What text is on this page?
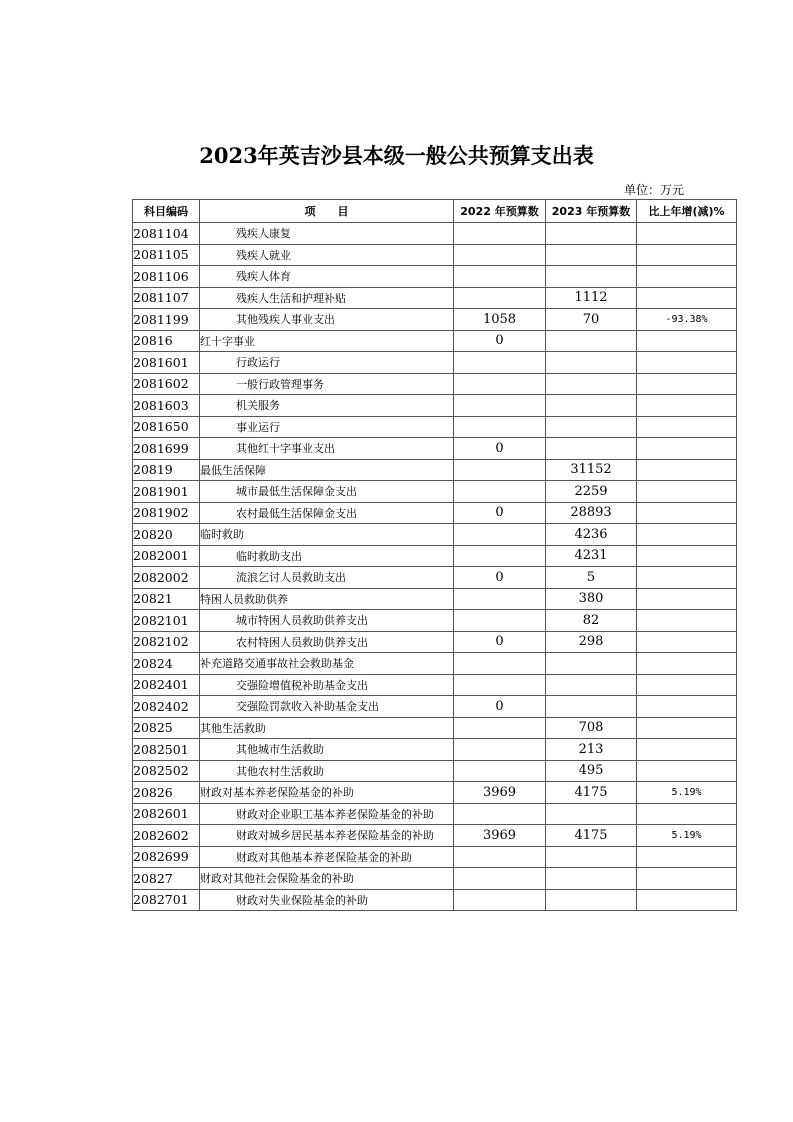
2023年英吉沙县本级一般公共预算支出表
单位：万元
科目编码	项　　目	2022 年预算数	2023 年预算数	比上年增(减)%
2081104	残疾人康复			
2081105	残疾人就业			
2081106	残疾人体育			
2081107	残疾人生活和护理补贴		1112	
2081199	其他残疾人事业支出	1058	70	-93.38%
20816	红十字事业	0		
2081601	行政运行			
2081602	一般行政管理事务			
2081603	机关服务			
2081650	事业运行			
2081699	其他红十字事业支出	0		
20819	最低生活保障		31152	
2081901	城市最低生活保障金支出		2259	
2081902	农村最低生活保障金支出	0	28893	
20820	临时救助		4236	
2082001	临时救助支出		4231	
2082002	流浪乞讨人员救助支出	0	5	
20821	特困人员救助供养		380	
2082101	城市特困人员救助供养支出		82	
2082102	农村特困人员救助供养支出	0	298	
20824	补充道路交通事故社会救助基金			
2082401	交强险增值税补助基金支出			
2082402	交强险罚款收入补助基金支出	0		
20825	其他生活救助		708	
2082501	其他城市生活救助		213	
2082502	其他农村生活救助		495	
20826	财政对基本养老保险基金的补助	3969	4175	5.19%
2082601	财政对企业职工基本养老保险基金的补助			
2082602	财政对城乡居民基本养老保险基金的补助	3969	4175	5.19%
2082699	财政对其他基本养老保险基金的补助			
20827	财政对其他社会保险基金的补助			
2082701	财政对失业保险基金的补助			
